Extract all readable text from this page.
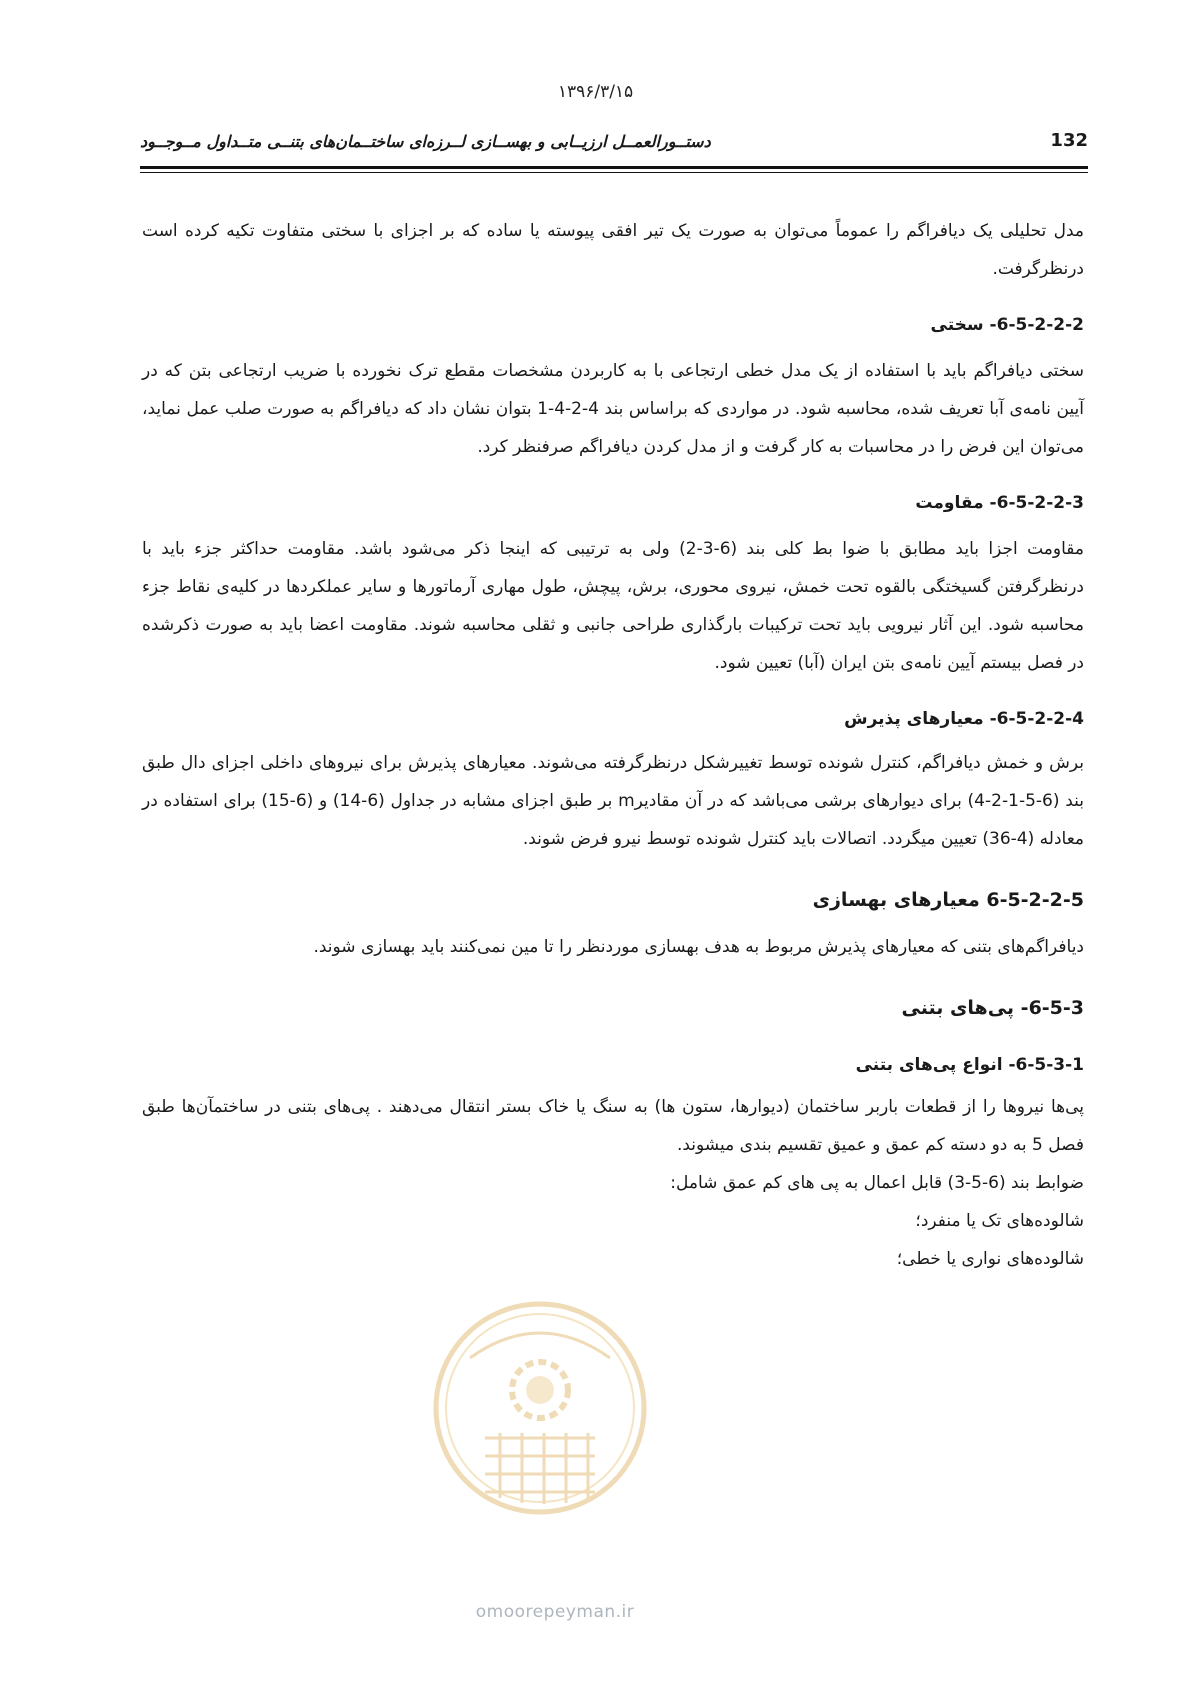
۱۳۹۶/۳/۱۵
132
دستــورالعمــل ارزیــابی و بهســازی لــرزه‌ای ساختــمان‌های بتنــی متــداول مــوجــود

مدل تحلیلی یک دیافراگم را عموماً می‌توان به صورت یک تیر افقی پیوسته یا ساده که بر اجزای با سختی متفاوت تکیه کرده است درنظرگرفت.

6-5-2-2-2- سختی

سختی دیافراگم باید با استفاده از یک مدل خطی ارتجاعی با به کاربردن مشخصات مقطع ترک نخورده با ضریب ارتجاعی بتن که در آیین نامه‌ی آبا تعریف شده، محاسبه شود. در مواردی که براساس بند 4-2-4-1 بتوان نشان داد که دیافراگم به صورت صلب عمل نماید، می‌توان این فرض را در محاسبات به کار گرفت و از مدل کردن دیافراگم صرفنظر کرد.

6-5-2-2-3- مقاومت

مقاومت اجزا باید مطابق با ضوا بط کلی بند (6-3-2) ولی به ترتیبی که اینجا ذکر می‌شود باشد. مقاومت حداکثر جزء باید با درنظرگرفتن گسیختگی بالقوه تحت خمش، نیروی محوری، برش، پیچش، طول مهاری آرماتورها و سایر عملکردها در کلیه‌ی نقاط جزء محاسبه شود. این آثار نیرویی باید تحت ترکیبات بارگذاری طراحی جانبی و ثقلی محاسبه شوند. مقاومت اعضا باید به صورت ذکرشده در فصل بیستم آیین نامه‌ی بتن ایران (آبا) تعیین شود.

6-5-2-2-4- معیارهای پذیرش

برش و خمش دیافراگم، کنترل شونده توسط تغییرشکل درنظرگرفته می‌شوند. معیارهای پذیرش برای نیروهای داخلی اجزای دال طبق بند (6-5-1-2-4) برای دیوارهای برشی می‌باشد که در آن مقادیرm بر طبق اجزای مشابه در جداول (6-14) و (6-15) برای استفاده در معادله (4-36) تعیین میگردد. اتصالات باید کنترل شونده توسط نیرو فرض شوند.

6-5-2-2-5 معیارهای بهسازی

دیافراگم‌های بتنی که معیارهای پذیرش مربوط به هدف بهسازی موردنظر را تا مین نمی‌کنند باید بهسازی شوند.

6-5-3- پی‌های بتنی
6-5-3-1- انواع پی‌های بتنی

پی‌ها نیروها را از قطعات باربر ساختمان (دیوارها، ستون ها) به سنگ یا خاک بستر انتقال می‌دهند . پی‌های بتنی در ساختمآن‌ها طبق فصل 5 به دو دسته کم عمق و عمیق تقسیم بندی میشوند.

ضوابط بند (6-5-3) قابل اعمال به پی های کم عمق شامل:

شالوده‌های تک یا منفرد؛

شالوده‌های نواری یا خطی؛

omoorepeyman.ir
